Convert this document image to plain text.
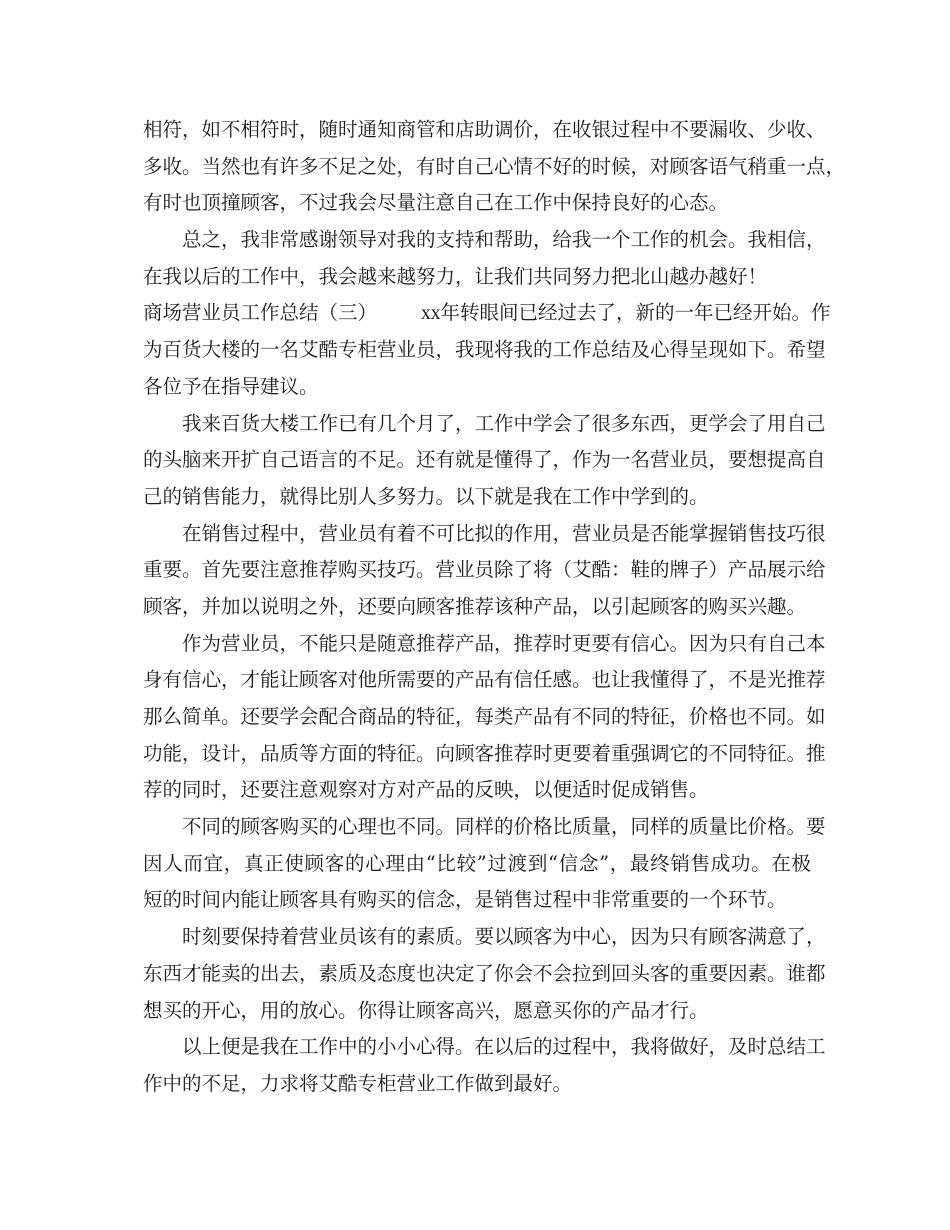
相符，如不相符时，随时通知商管和店助调价，在收银过程中不要漏收、少收、
多收。当然也有许多不足之处，有时自己心情不好的时候，对顾客语气稍重一点，
有时也顶撞顾客，不过我会尽量注意自己在工作中保持良好的心态。
总之，我非常感谢领导对我的支持和帮助，给我一个工作的机会。我相信，
在我以后的工作中，我会越来越努力，让我们共同努力把北山越办越好！
商场营业员工作总结（三） xx年转眼间已经过去了，新的一年已经开始。作
为百货大楼的一名艾酷专柜营业员，我现将我的工作总结及心得呈现如下。希望
各位予在指导建议。
我来百货大楼工作已有几个月了，工作中学会了很多东西，更学会了用自己
的头脑来开扩自己语言的不足。还有就是懂得了，作为一名营业员，要想提高自
己的销售能力，就得比别人多努力。以下就是我在工作中学到的。
在销售过程中，营业员有着不可比拟的作用，营业员是否能掌握销售技巧很
重要。首先要注意推荐购买技巧。营业员除了将（艾酷：鞋的牌子）产品展示给
顾客，并加以说明之外，还要向顾客推荐该种产品，以引起顾客的购买兴趣。
作为营业员，不能只是随意推荐产品，推荐时更要有信心。因为只有自己本
身有信心，才能让顾客对他所需要的产品有信任感。也让我懂得了，不是光推荐
那么简单。还要学会配合商品的特征，每类产品有不同的特征，价格也不同。如
功能，设计，品质等方面的特征。向顾客推荐时更要着重强调它的不同特征。推
荐的同时，还要注意观察对方对产品的反映，以便适时促成销售。
不同的顾客购买的心理也不同。同样的价格比质量，同样的质量比价格。要
因人而宜，真正使顾客的心理由“比较”过渡到“信念”，最终销售成功。在极
短的时间内能让顾客具有购买的信念，是销售过程中非常重要的一个环节。
时刻要保持着营业员该有的素质。要以顾客为中心，因为只有顾客满意了，
东西才能卖的出去，素质及态度也决定了你会不会拉到回头客的重要因素。谁都
想买的开心，用的放心。你得让顾客高兴，愿意买你的产品才行。
以上便是我在工作中的小小心得。在以后的过程中，我将做好，及时总结工
作中的不足，力求将艾酷专柜营业工作做到最好。
